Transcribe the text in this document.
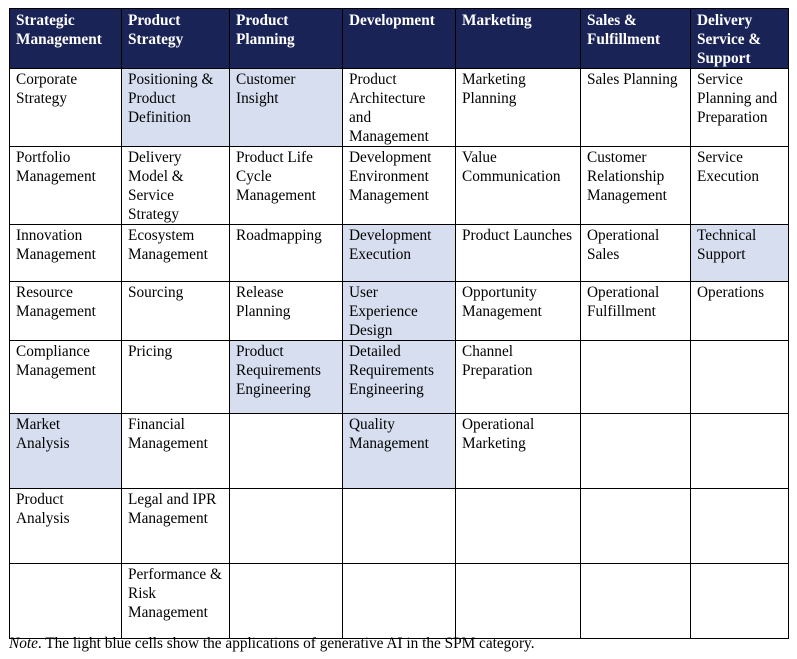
Strategic Management	Product Strategy	Product Planning	Development	Marketing	Sales & Fulfillment	Delivery Service & Support
Corporate Strategy	Positioning & Product Definition	Customer Insight	Product Architecture and Management	Marketing Planning	Sales Planning	Service Planning and Preparation
Portfolio Management	Delivery Model & Service Strategy	Product Life Cycle Management	Development Environment Management	Value Communication	Customer Relationship Management	Service Execution
Innovation Management	Ecosystem Management	Roadmapping	Development Execution	Product Launches	Operational Sales	Technical Support
Resource Management	Sourcing	Release Planning	User Experience Design	Opportunity Management	Operational Fulfillment	Operations
Compliance Management	Pricing	Product Requirements Engineering	Detailed Requirements Engineering	Channel Preparation		
Market Analysis	Financial Management		Quality Management	Operational Marketing		
Product Analysis	Legal and IPR Management					
	Performance & Risk Management					
Note. The light blue cells show the applications of generative AI in the SPM category.
